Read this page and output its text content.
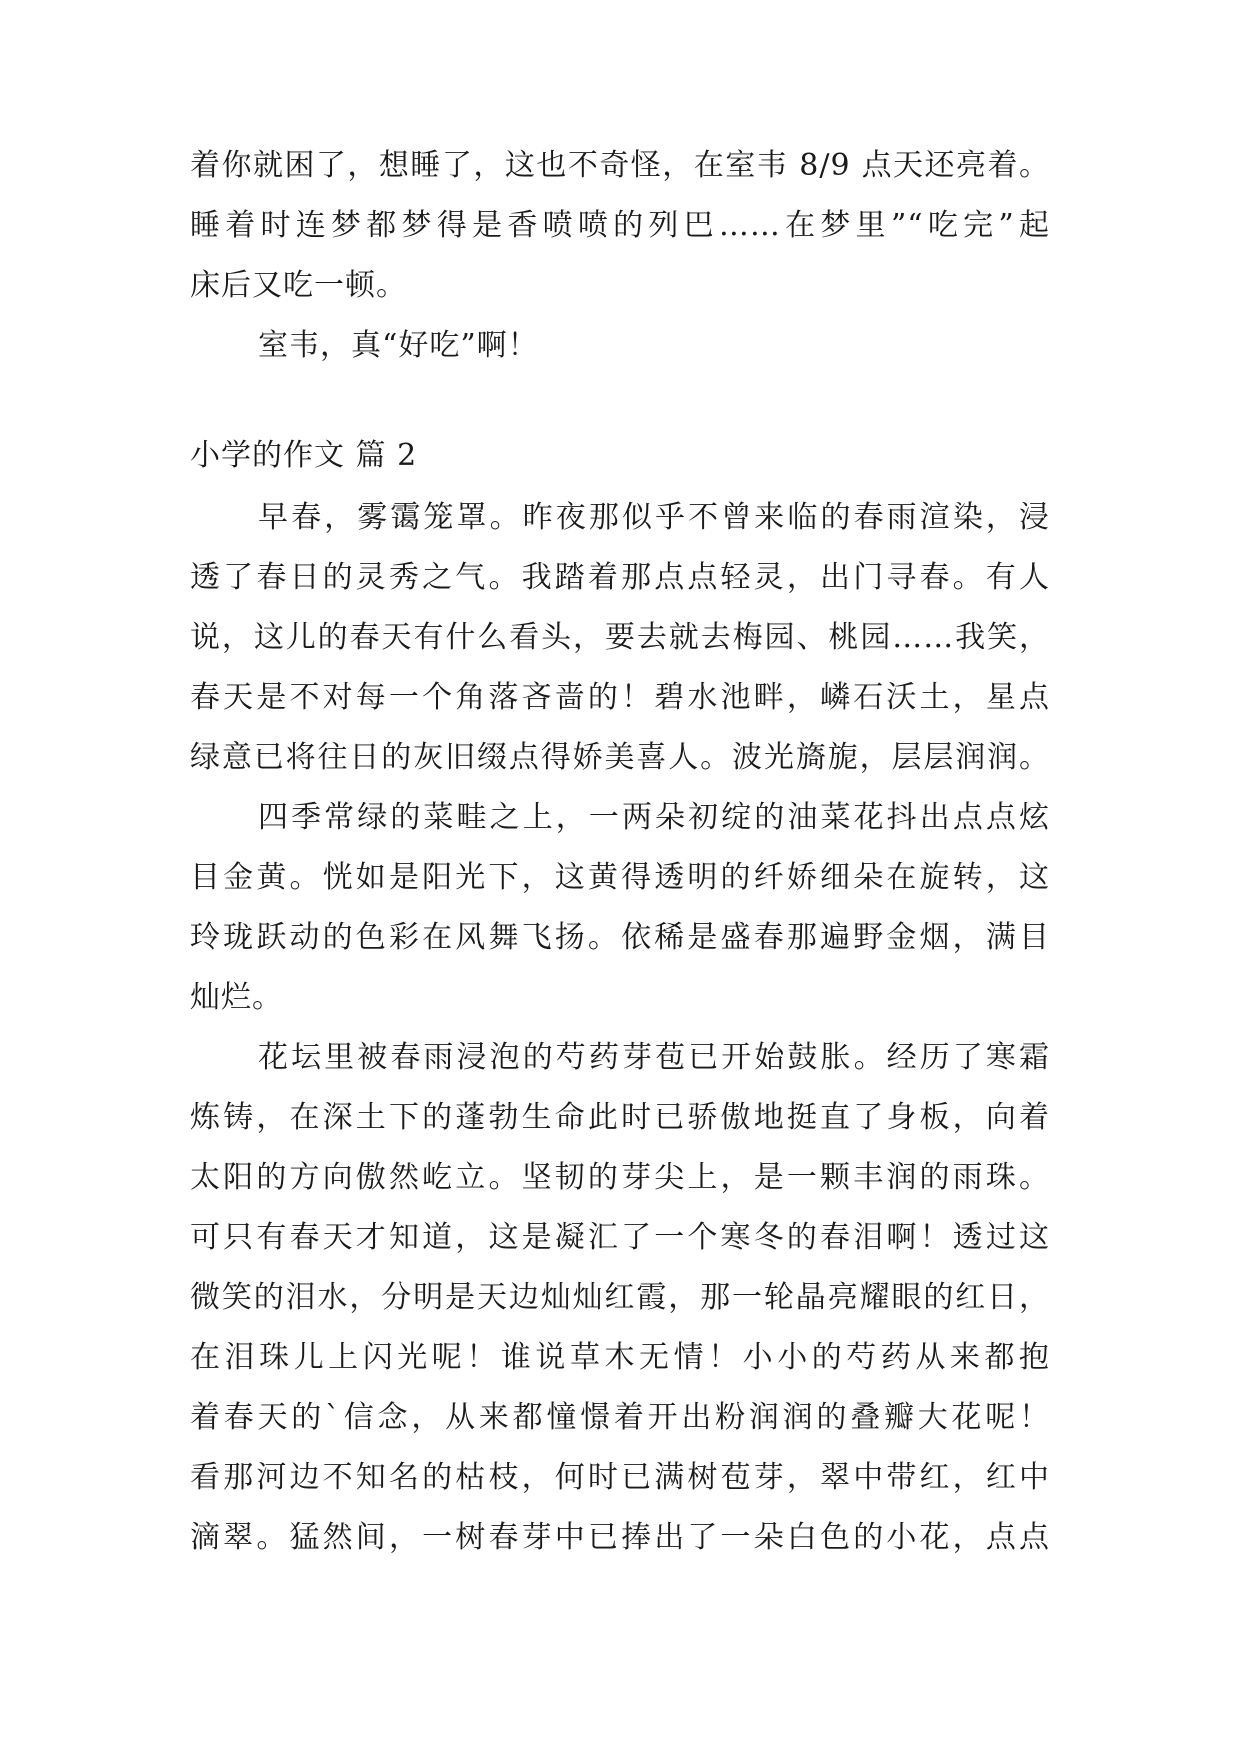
着你就困了，想睡了，这也不奇怪，在室韦 8/9 点天还亮着。
睡着时连梦都梦得是香喷喷的列巴……在梦里”“吃完”起
床后又吃一顿。
室韦，真“好吃”啊！
小学的作文 篇 2
早春，雾霭笼罩。昨夜那似乎不曾来临的春雨渲染，浸
透了春日的灵秀之气。我踏着那点点轻灵，出门寻春。有人
说，这儿的春天有什么看头，要去就去梅园、桃园……我笑，
春天是不对每一个角落吝啬的！碧水池畔，嶙石沃土，星点
绿意已将往日的灰旧缀点得娇美喜人。波光旖旎，层层润润。
四季常绿的菜畦之上，一两朵初绽的油菜花抖出点点炫
目金黄。恍如是阳光下，这黄得透明的纤娇细朵在旋转，这
玲珑跃动的色彩在风舞飞扬。依稀是盛春那遍野金烟，满目
灿烂。
花坛里被春雨浸泡的芍药芽苞已开始鼓胀。经历了寒霜
炼铸，在深土下的蓬勃生命此时已骄傲地挺直了身板，向着
太阳的方向傲然屹立。坚韧的芽尖上，是一颗丰润的雨珠。
可只有春天才知道，这是凝汇了一个寒冬的春泪啊！透过这
微笑的泪水，分明是天边灿灿红霞，那一轮晶亮耀眼的红日，
在泪珠儿上闪光呢！谁说草木无情！小小的芍药从来都抱
着春天的`信念，从来都憧憬着开出粉润润的叠瓣大花呢！
看那河边不知名的枯枝，何时已满树苞芽，翠中带红，红中
滴翠。猛然间，一树春芽中已捧出了一朵白色的小花，点点
